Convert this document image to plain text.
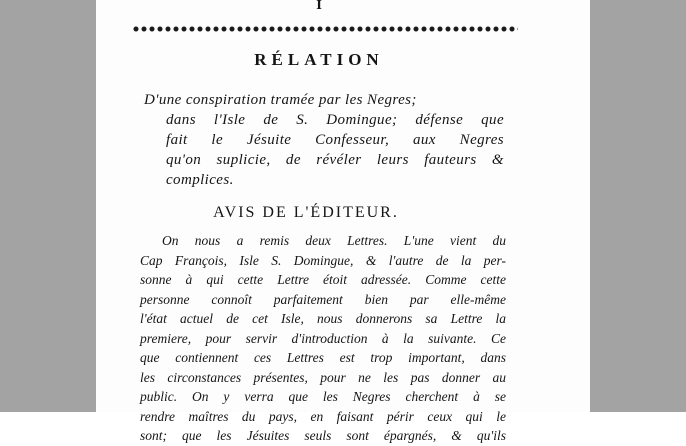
I
RÉLATION

D'une conspiration tramée par les Negres;
dans l'Isle de S. Domingue; défense que
fait le Jésuite Confesseur, aux Negres
qu'on suplicie, de révéler leurs fauteurs &
complices.

AVIS DE L'ÉDITEUR.

On nous a remis deux Lettres. L'une vient du
Cap François, Isle S. Domingue, & l'autre de la per-
sonne à qui cette Lettre étoit adressée. Comme cette
personne connoît parfaitement bien par elle-même
l'état actuel de cet Isle, nous donnerons sa Lettre la
premiere, pour servir d'introduction à la suivante. Ce
que contiennent ces Lettres est trop important, dans
les circonstances présentes, pour ne les pas donner au
public. On y verra que les Negres cherchent à se
rendre maîtres du pays, en faisant périr ceux qui le
sont; que les Jésuites seuls sont épargnés, & qu'ils
